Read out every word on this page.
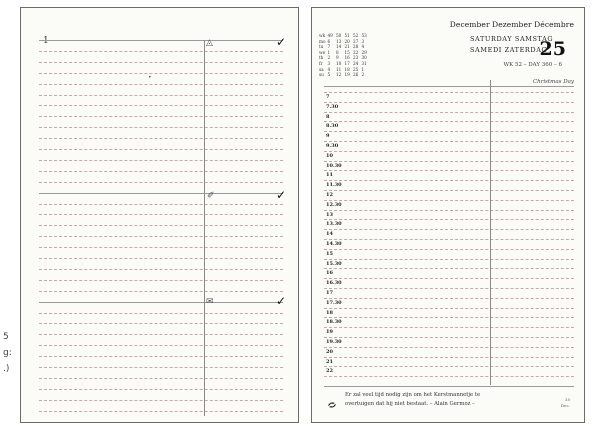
1	◬	✓
✐	✓
✉	✓
•
wk 49 50 51 52 53
mo 6	13 20 27 3
tu 7	14 21 28 4
we 1	8	15 22 29
th 2	9	16 23 30
fr	3	10 17 24 31
sa 4	11 18 25 1
su 5	12 19 26 2
December Dezember Décembre
SATURDAY SAMSTAG
SAMEDI ZATERDAG
25
WK 52 – DAY 360 – 6
Christmas Day
7
7.30
8
8.30
9
9.30
10
10.30
11
11.30
12
12.30
13
13.30
14
14.30
15
15.30
16
16.30
17
17.30
18
18.30
19
19.30
20
21
22
Er zal veel tijd nodig zijn om het Kerstmannetje te
overtuigen dat hij niet bestaat. – Alain Germoz –
35
Dec.
5
g:
.)
